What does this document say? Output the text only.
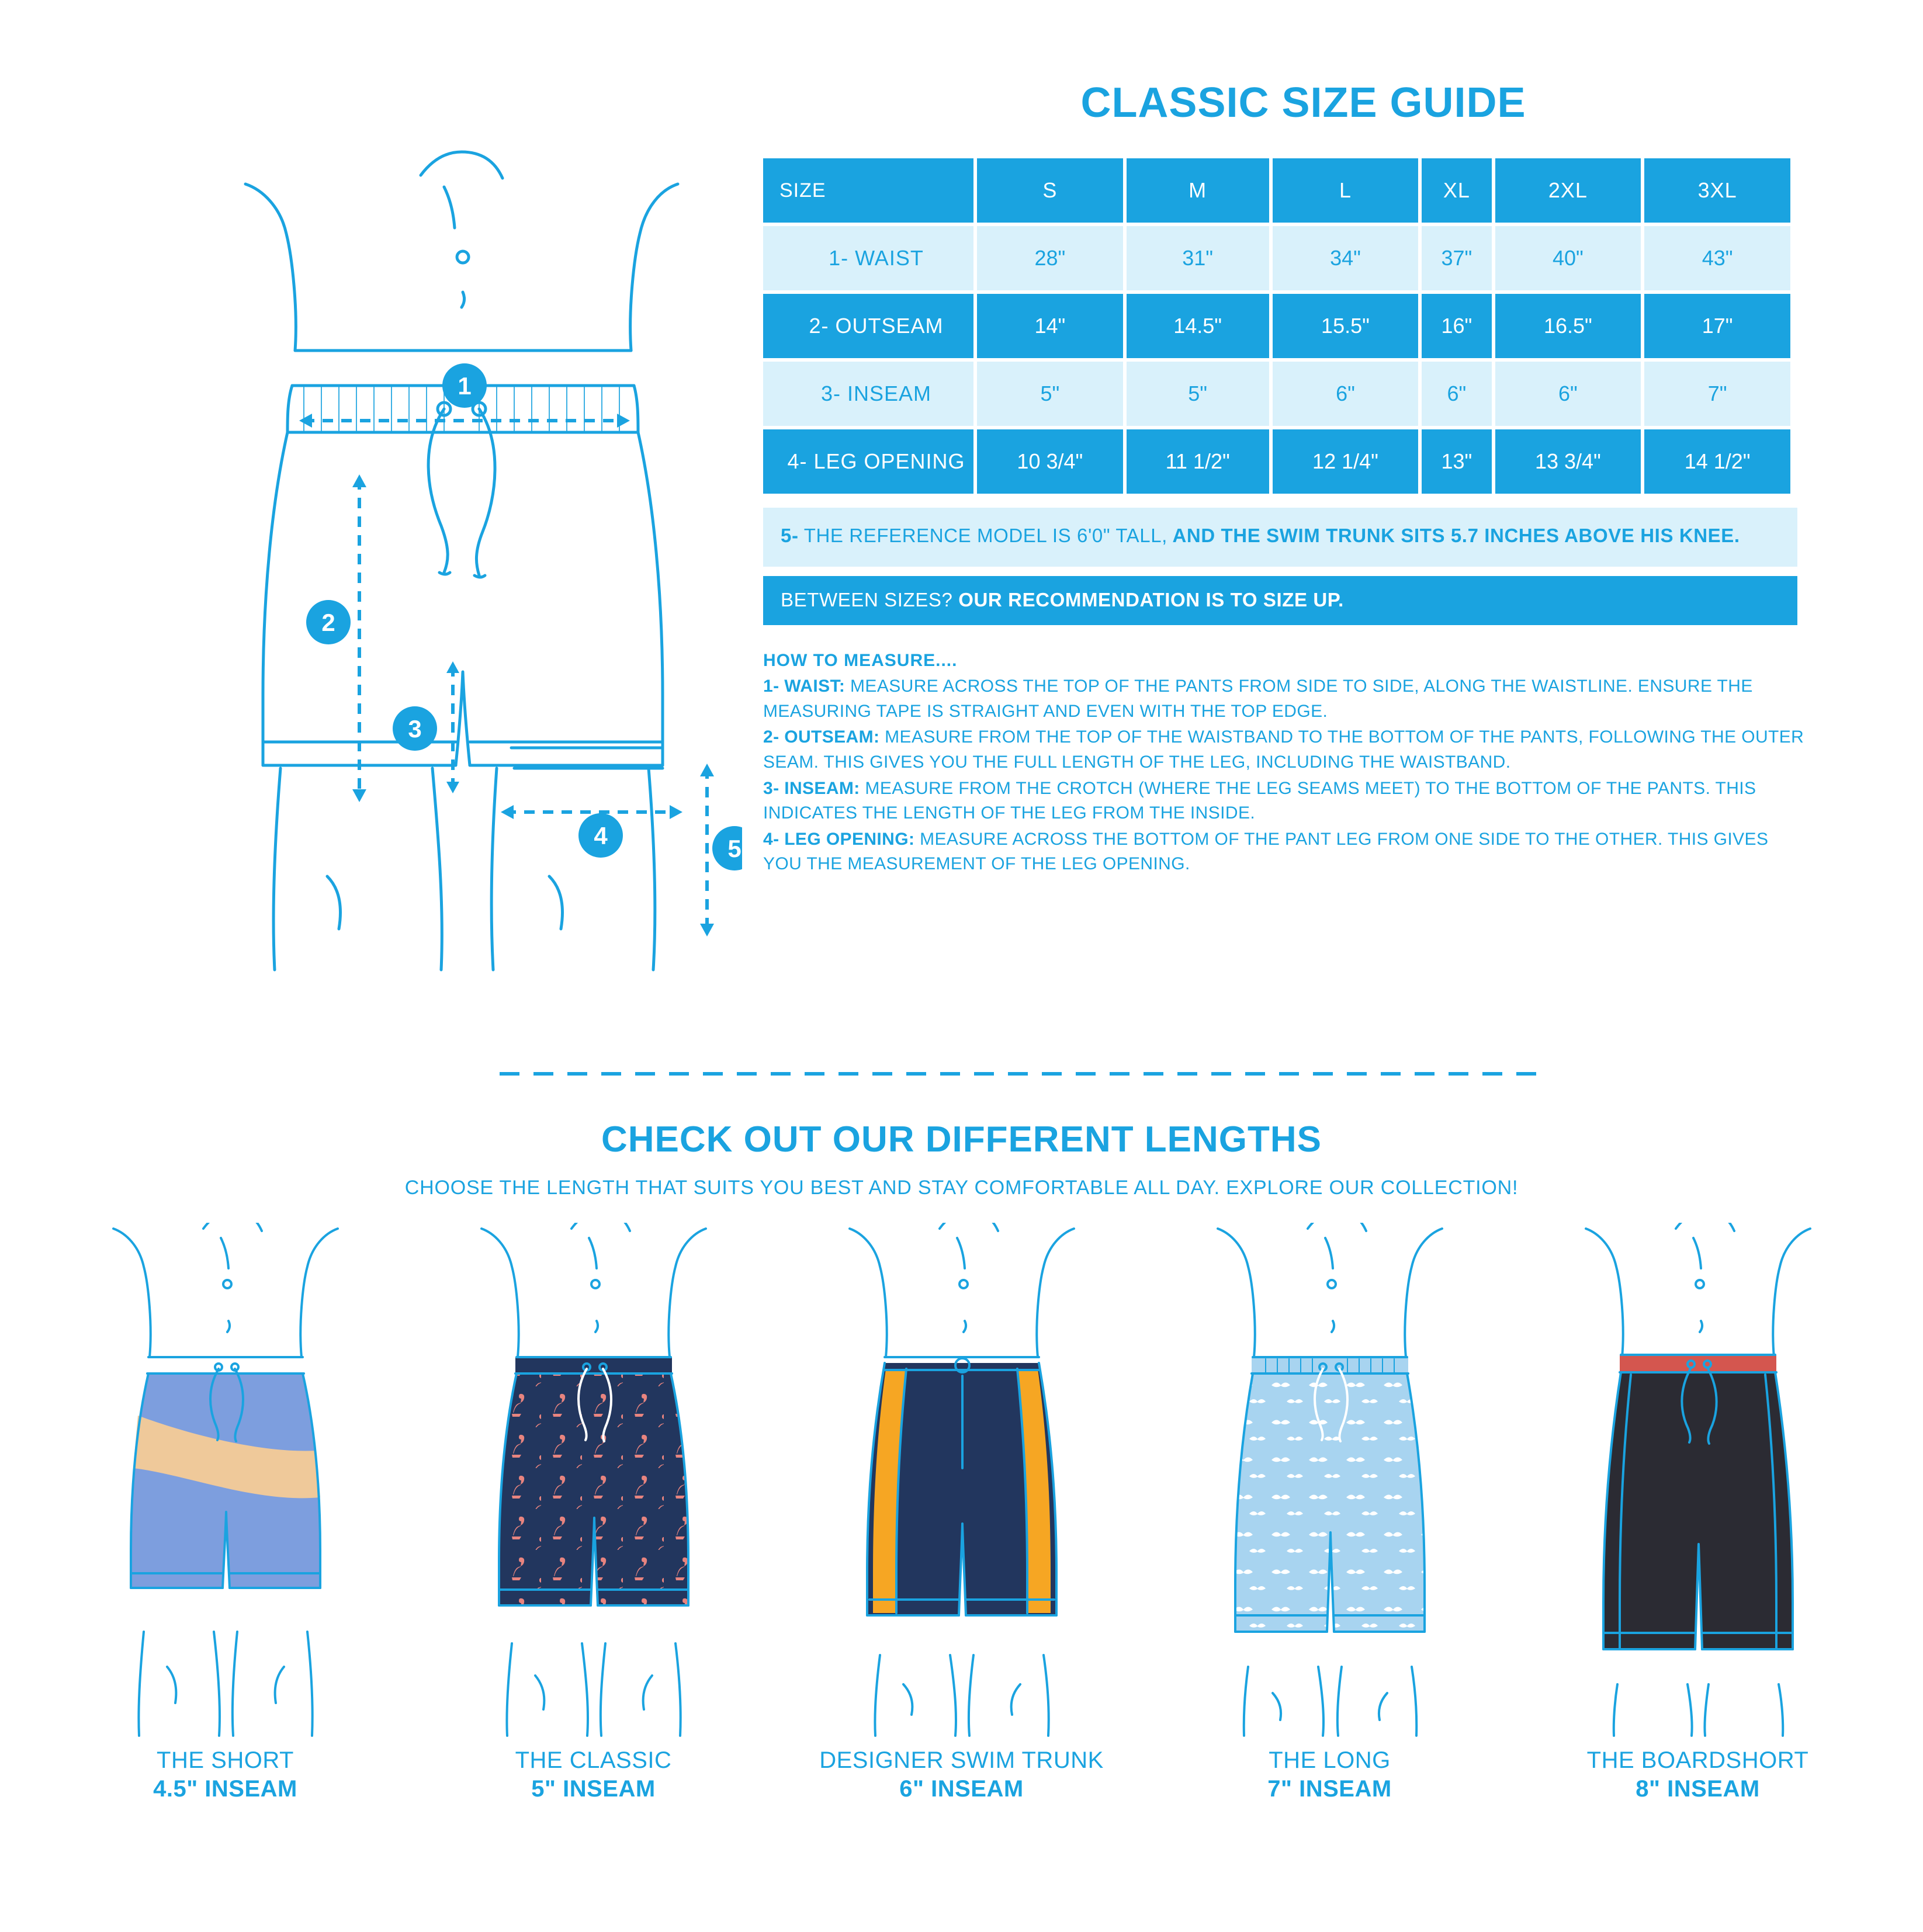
1
2
3
4	5
CLASSIC SIZE GUIDE
SIZE	S	M	L	XL	2XL	3XL
1- WAIST	28"	31"	34"	37"	40"	43"
2- OUTSEAM	14"	14.5"	15.5"	16"	16.5"	17"
3- INSEAM	5"	5"	6"	6"	6"	7"
4- LEG OPENING	10 3/4"	11 1/2"	12 1/4"	13"	13 3/4"	14 1/2"
5- THE REFERENCE MODEL IS 6'0" TALL, AND THE SWIM TRUNK SITS 5.7 INCHES ABOVE HIS KNEE.
BETWEEN SIZES? OUR RECOMMENDATION IS TO SIZE UP.

HOW TO MEASURE....

1- WAIST: MEASURE ACROSS THE TOP OF THE PANTS FROM SIDE TO SIDE, ALONG THE WAISTLINE. ENSURE THE MEASURING TAPE IS STRAIGHT AND EVEN WITH THE TOP EDGE.

2- OUTSEAM: MEASURE FROM THE TOP OF THE WAISTBAND TO THE BOTTOM OF THE PANTS, FOLLOWING THE OUTER SEAM. THIS GIVES YOU THE FULL LENGTH OF THE LEG, INCLUDING THE WAISTBAND.

3- INSEAM: MEASURE FROM THE CROTCH (WHERE THE LEG SEAMS MEET) TO THE BOTTOM OF THE PANTS. THIS INDICATES THE LENGTH OF THE LEG FROM THE INSIDE.

4- LEG OPENING: MEASURE ACROSS THE BOTTOM OF THE PANT LEG FROM ONE SIDE TO THE OTHER. THIS GIVES YOU THE MEASUREMENT OF THE LEG OPENING.

CHECK OUT OUR DIFFERENT LENGTHS
CHOOSE THE LENGTH THAT SUITS YOU BEST AND STAY COMFORTABLE ALL DAY. EXPLORE OUR COLLECTION!
THE SHORT
4.5" INSEAM
THE CLASSIC
5" INSEAM
DESIGNER SWIM TRUNK
6" INSEAM
THE LONG
7" INSEAM
THE BOARDSHORT
8" INSEAM
